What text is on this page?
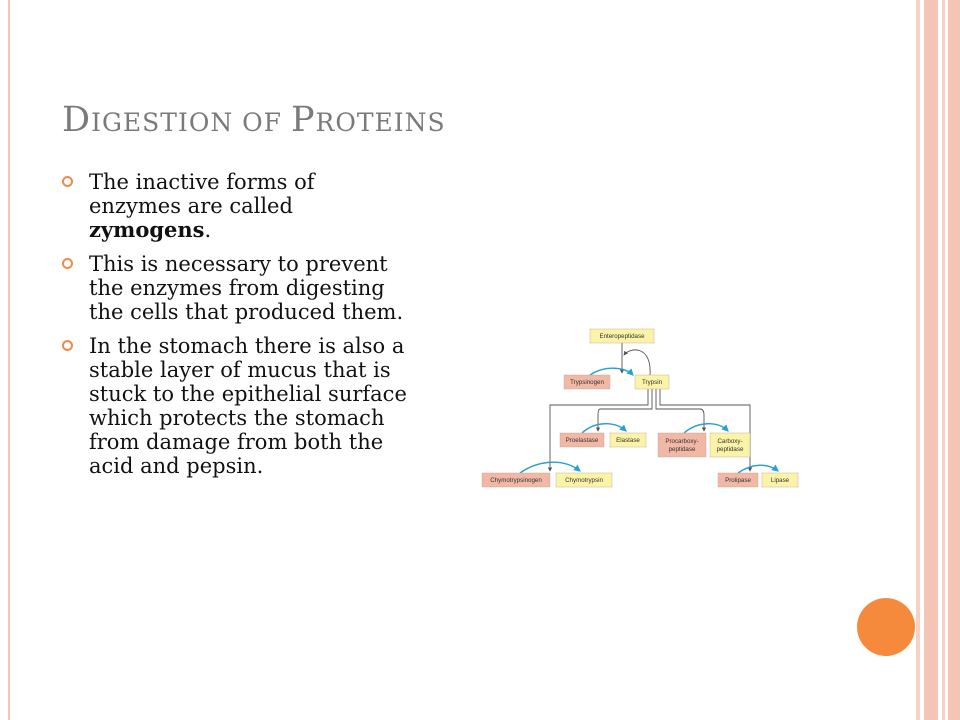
DIGESTION OF PROTEINS
The inactive forms of enzymes are called zymogens.
This is necessary to prevent the enzymes from digesting the cells that produced them.
In the stomach there is also a stable layer of mucus that is stuck to the epithelial surface which protects the stomach from damage from both the acid and pepsin.
Enteropeptidase
Trypsinogen	Trypsin
Proelastase	Elastase	Procarboxy-
peptidase
Carboxy-
peptidase
Chymotrypsinogen	Chymotrypsin	Prolipase	Lipase
